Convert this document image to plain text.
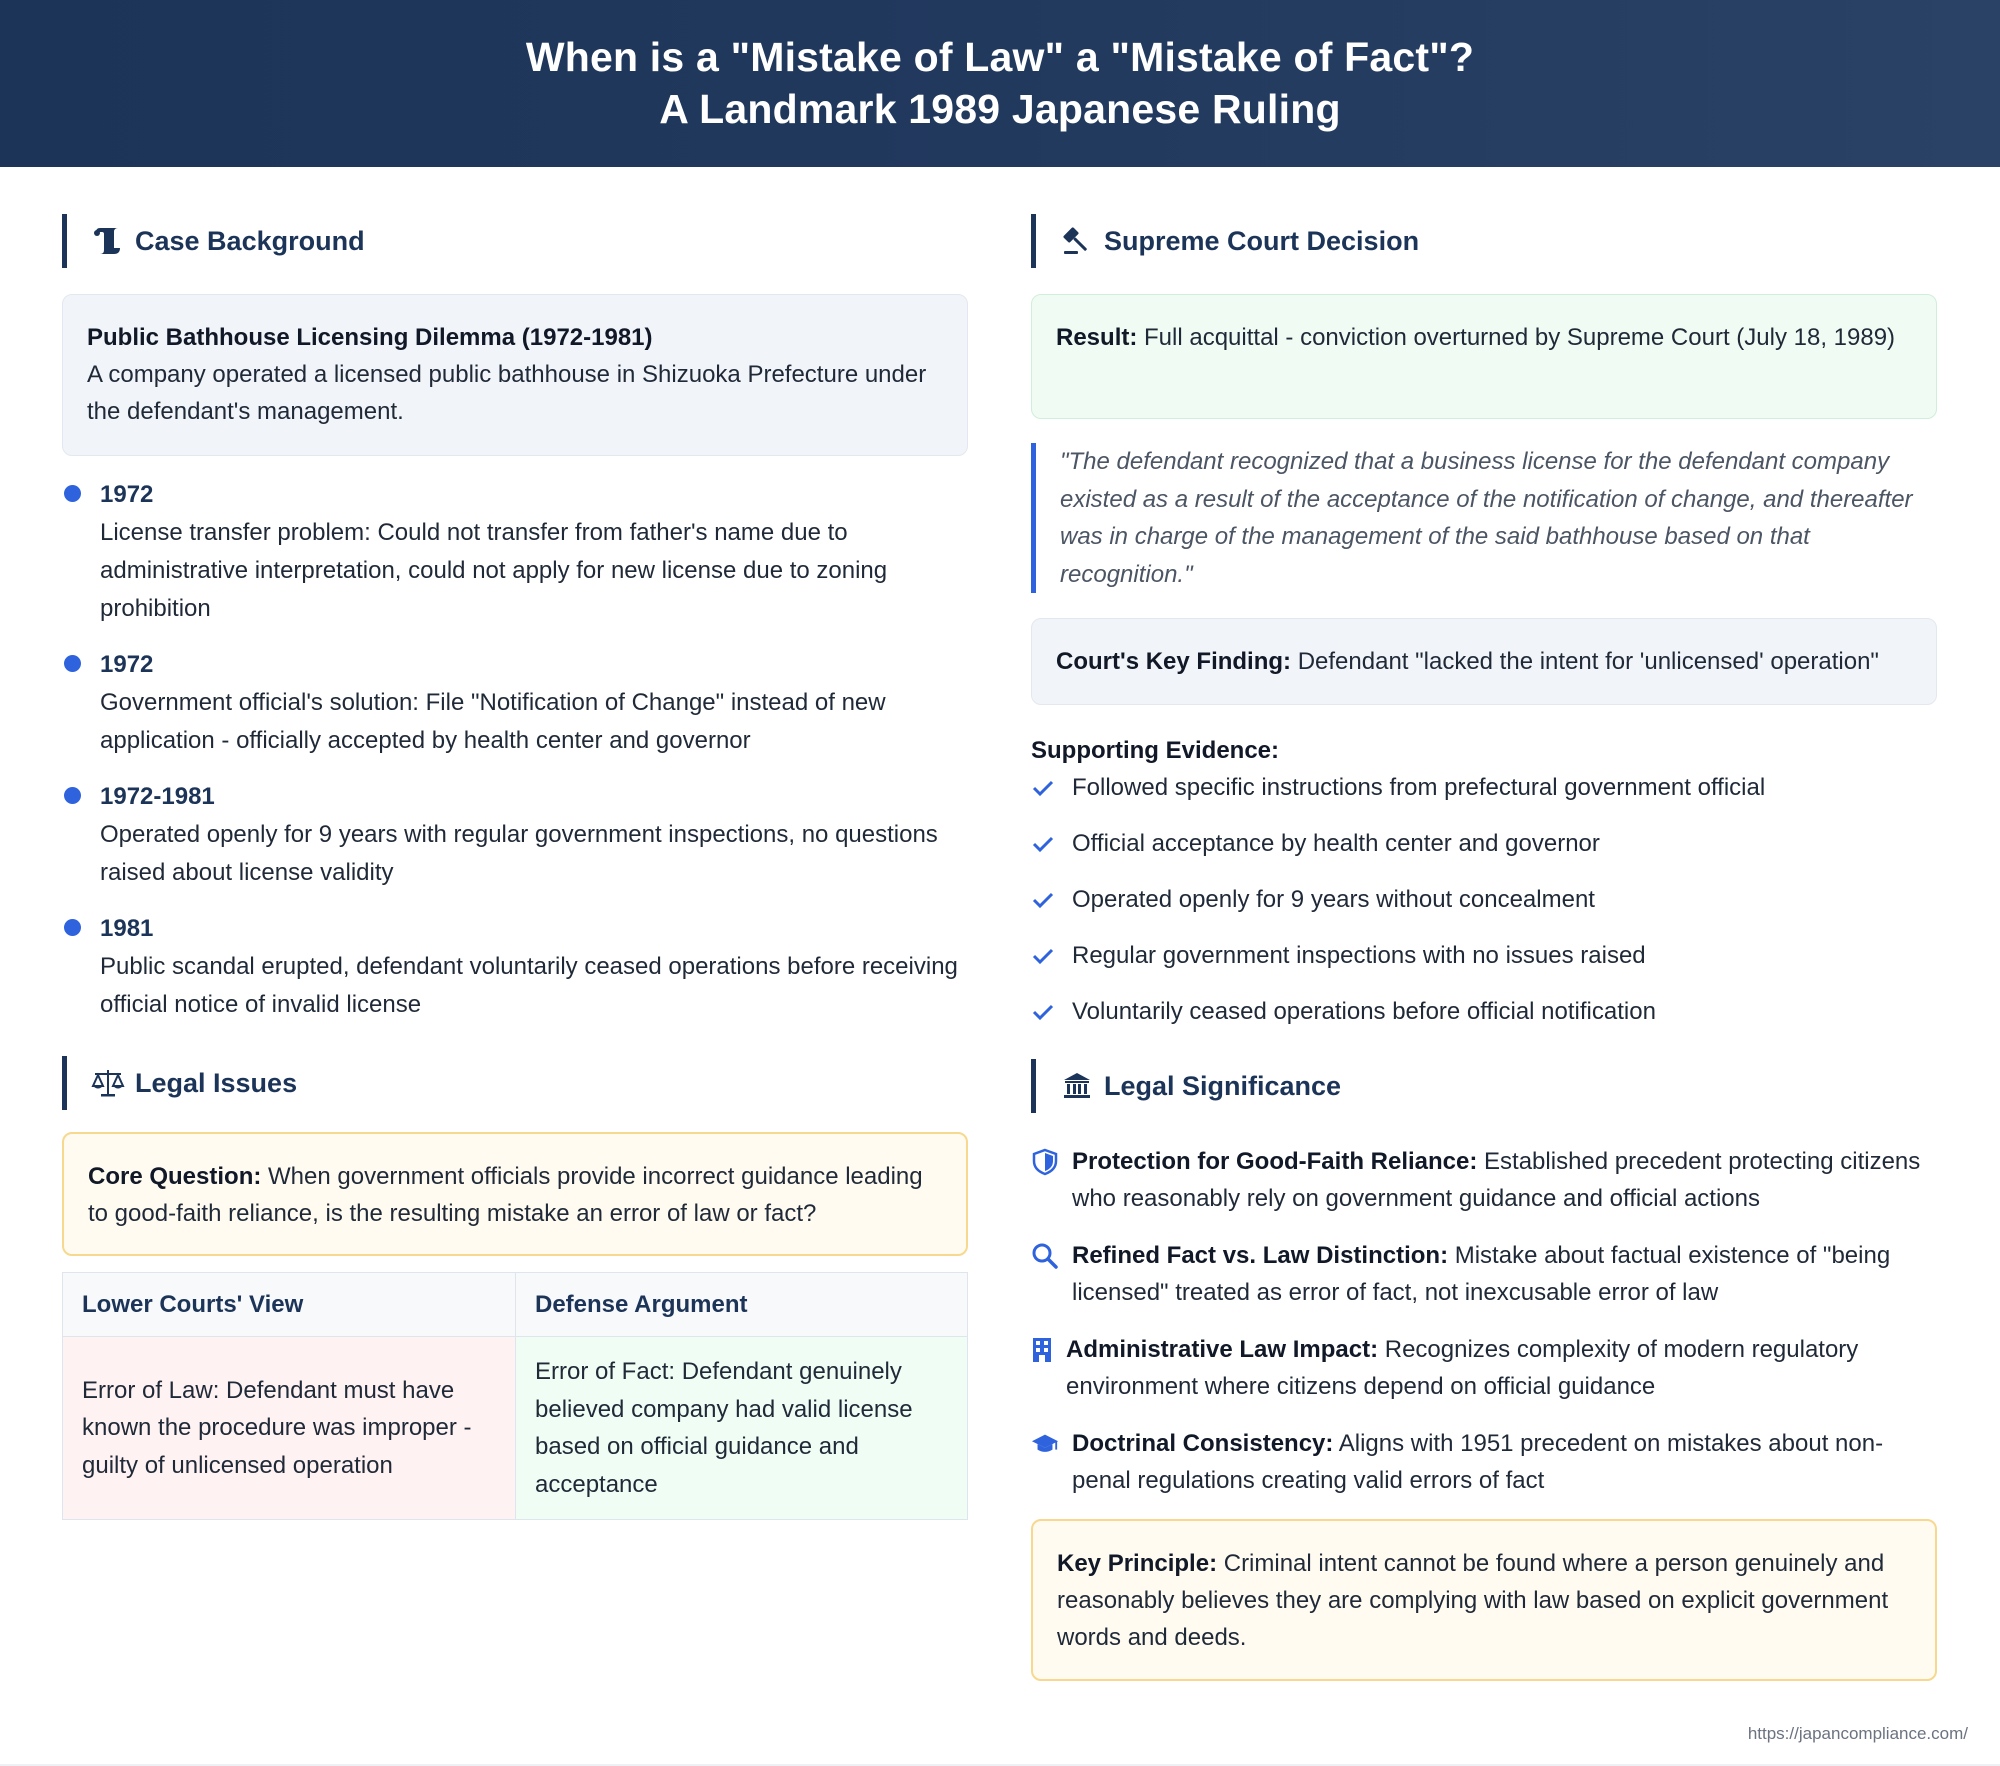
When is a "Mistake of Law" a "Mistake of Fact"?
A Landmark 1989 Japanese Ruling
Case Background
Public Bathhouse Licensing Dilemma (1972-1981)
A company operated a licensed public bathhouse in Shizuoka Prefecture under the defendant's management.
1972
License transfer problem: Could not transfer from father's name due to administrative interpretation, could not apply for new license due to zoning prohibition
1972
Government official's solution: File "Notification of Change" instead of new application - officially accepted by health center and governor
1972-1981
Operated openly for 9 years with regular government inspections, no questions raised about license validity
1981
Public scandal erupted, defendant voluntarily ceased operations before receiving official notice of invalid license
Legal Issues
Core Question: When government officials provide incorrect guidance leading to good-faith reliance, is the resulting mistake an error of law or fact?
Lower Courts' View	Defense Argument
Error of Law: Defendant must have known the procedure was improper - guilty of unlicensed operation
Error of Fact: Defendant genuinely believed company had valid license based on official guidance and acceptance
Supreme Court Decision
Result: Full acquittal - conviction overturned by Supreme Court (July 18, 1989)
"The defendant recognized that a business license for the defendant company existed as a result of the acceptance of the notification of change, and thereafter was in charge of the management of the said bathhouse based on that recognition."
Court's Key Finding: Defendant "lacked the intent for 'unlicensed' operation"
Supporting Evidence:
Followed specific instructions from prefectural government official
Official acceptance by health center and governor
Operated openly for 9 years without concealment
Regular government inspections with no issues raised
Voluntarily ceased operations before official notification
Legal Significance
Protection for Good-Faith Reliance: Established precedent protecting citizens who reasonably rely on government guidance and official actions
Refined Fact vs. Law Distinction: Mistake about factual existence of "being licensed" treated as error of fact, not inexcusable error of law
Administrative Law Impact: Recognizes complexity of modern regulatory environment where citizens depend on official guidance
Doctrinal Consistency: Aligns with 1951 precedent on mistakes about non-penal regulations creating valid errors of fact
Key Principle: Criminal intent cannot be found where a person genuinely and reasonably believes they are complying with law based on explicit government words and deeds.
https://japancompliance.com/
